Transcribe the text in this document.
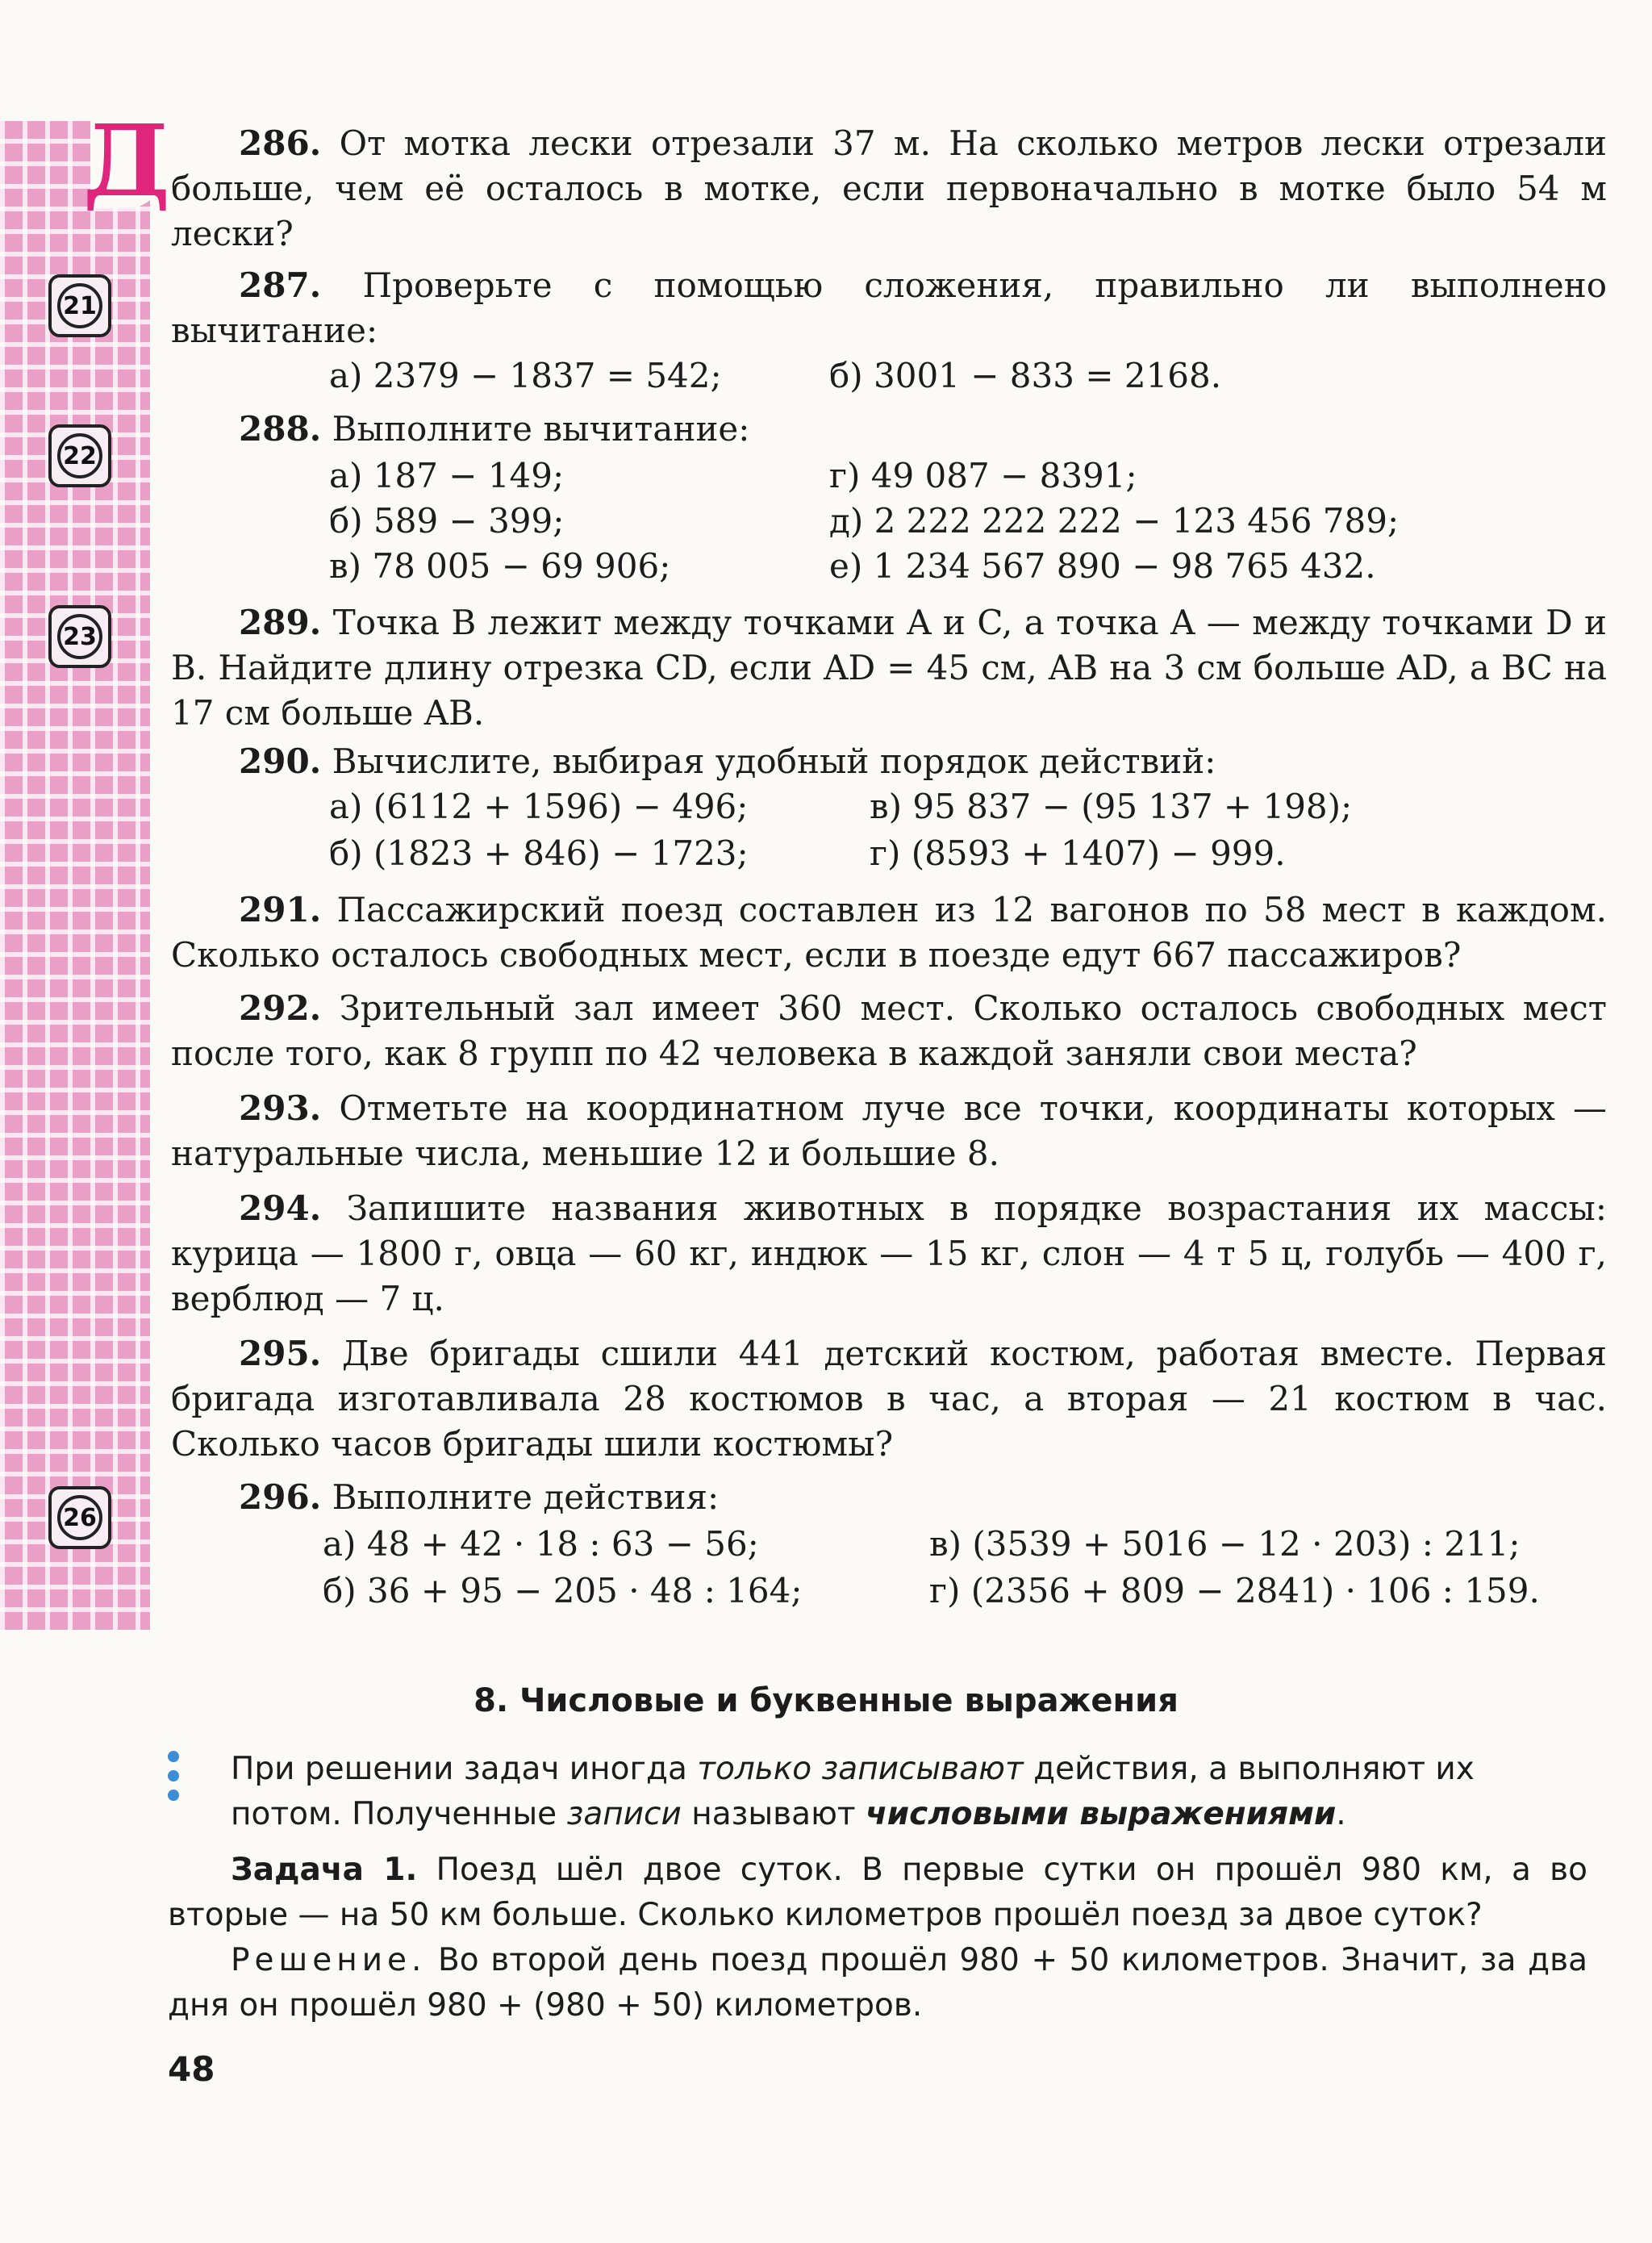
Д
21
22
23
26
286. От мотка лески отрезали 37 м. На сколько метров лески отрезали больше, чем её осталось в мотке, если первоначально в мотке было 54 м лески?
287. Проверьте с помощью сложения, правильно ли выполнено вычитание:
а) 2379 − 1837 = 542;	б) 3001 − 833 = 2168.
288. Выполните вычитание:
а) 187 − 149;
б) 589 − 399;
в) 78 005 − 69 906;
г) 49 087 − 8391;
д) 2 222 222 222 − 123 456 789;
е) 1 234 567 890 − 98 765 432.
289. Точка B лежит между точками A и C, а точка A — между точками D и B. Найдите длину отрезка CD, если AD = 45 см, AB на 3 см больше AD, а BC на 17 см больше AB.
290. Вычислите, выбирая удобный порядок действий:
а) (6112 + 1596) − 496;
б) (1823 + 846) − 1723;
в) 95 837 − (95 137 + 198);
г) (8593 + 1407) − 999.
291. Пассажирский поезд составлен из 12 вагонов по 58 мест в каждом. Сколько осталось свободных мест, если в поезде едут 667 пассажиров?
292. Зрительный зал имеет 360 мест. Сколько осталось свободных мест после того, как 8 групп по 42 человека в каждой заняли свои места?
293. Отметьте на координатном луче все точки, координаты которых — натуральные числа, меньшие 12 и большие 8.
294. Запишите названия животных в порядке возрастания их массы: курица — 1800 г, овца — 60 кг, индюк — 15 кг, слон — 4 т 5 ц, голубь — 400 г, верблюд — 7 ц.
295. Две бригады сшили 441 детский костюм, работая вместе. Первая бригада изготавливала 28 костюмов в час, а вторая — 21 костюм в час. Сколько часов бригады шили костюмы?
296. Выполните действия:
а) 48 + 42 · 18 : 63 − 56;
б) 36 + 95 − 205 · 48 : 164;
в) (3539 + 5016 − 12 · 203) : 211;
г) (2356 + 809 − 2841) · 106 : 159.
8. Числовые и буквенные выражения
При решении задач иногда только записывают действия, а выполняют их потом. Полученные записи называют числовыми выражениями.
Задача 1. Поезд шёл двое суток. В первые сутки он прошёл 980 км, а во вторые — на 50 км больше. Сколько километров прошёл поезд за двое суток?
Решение. Во второй день поезд прошёл 980 + 50 километров. Значит, за два дня он прошёл 980 + (980 + 50) километров.
48
